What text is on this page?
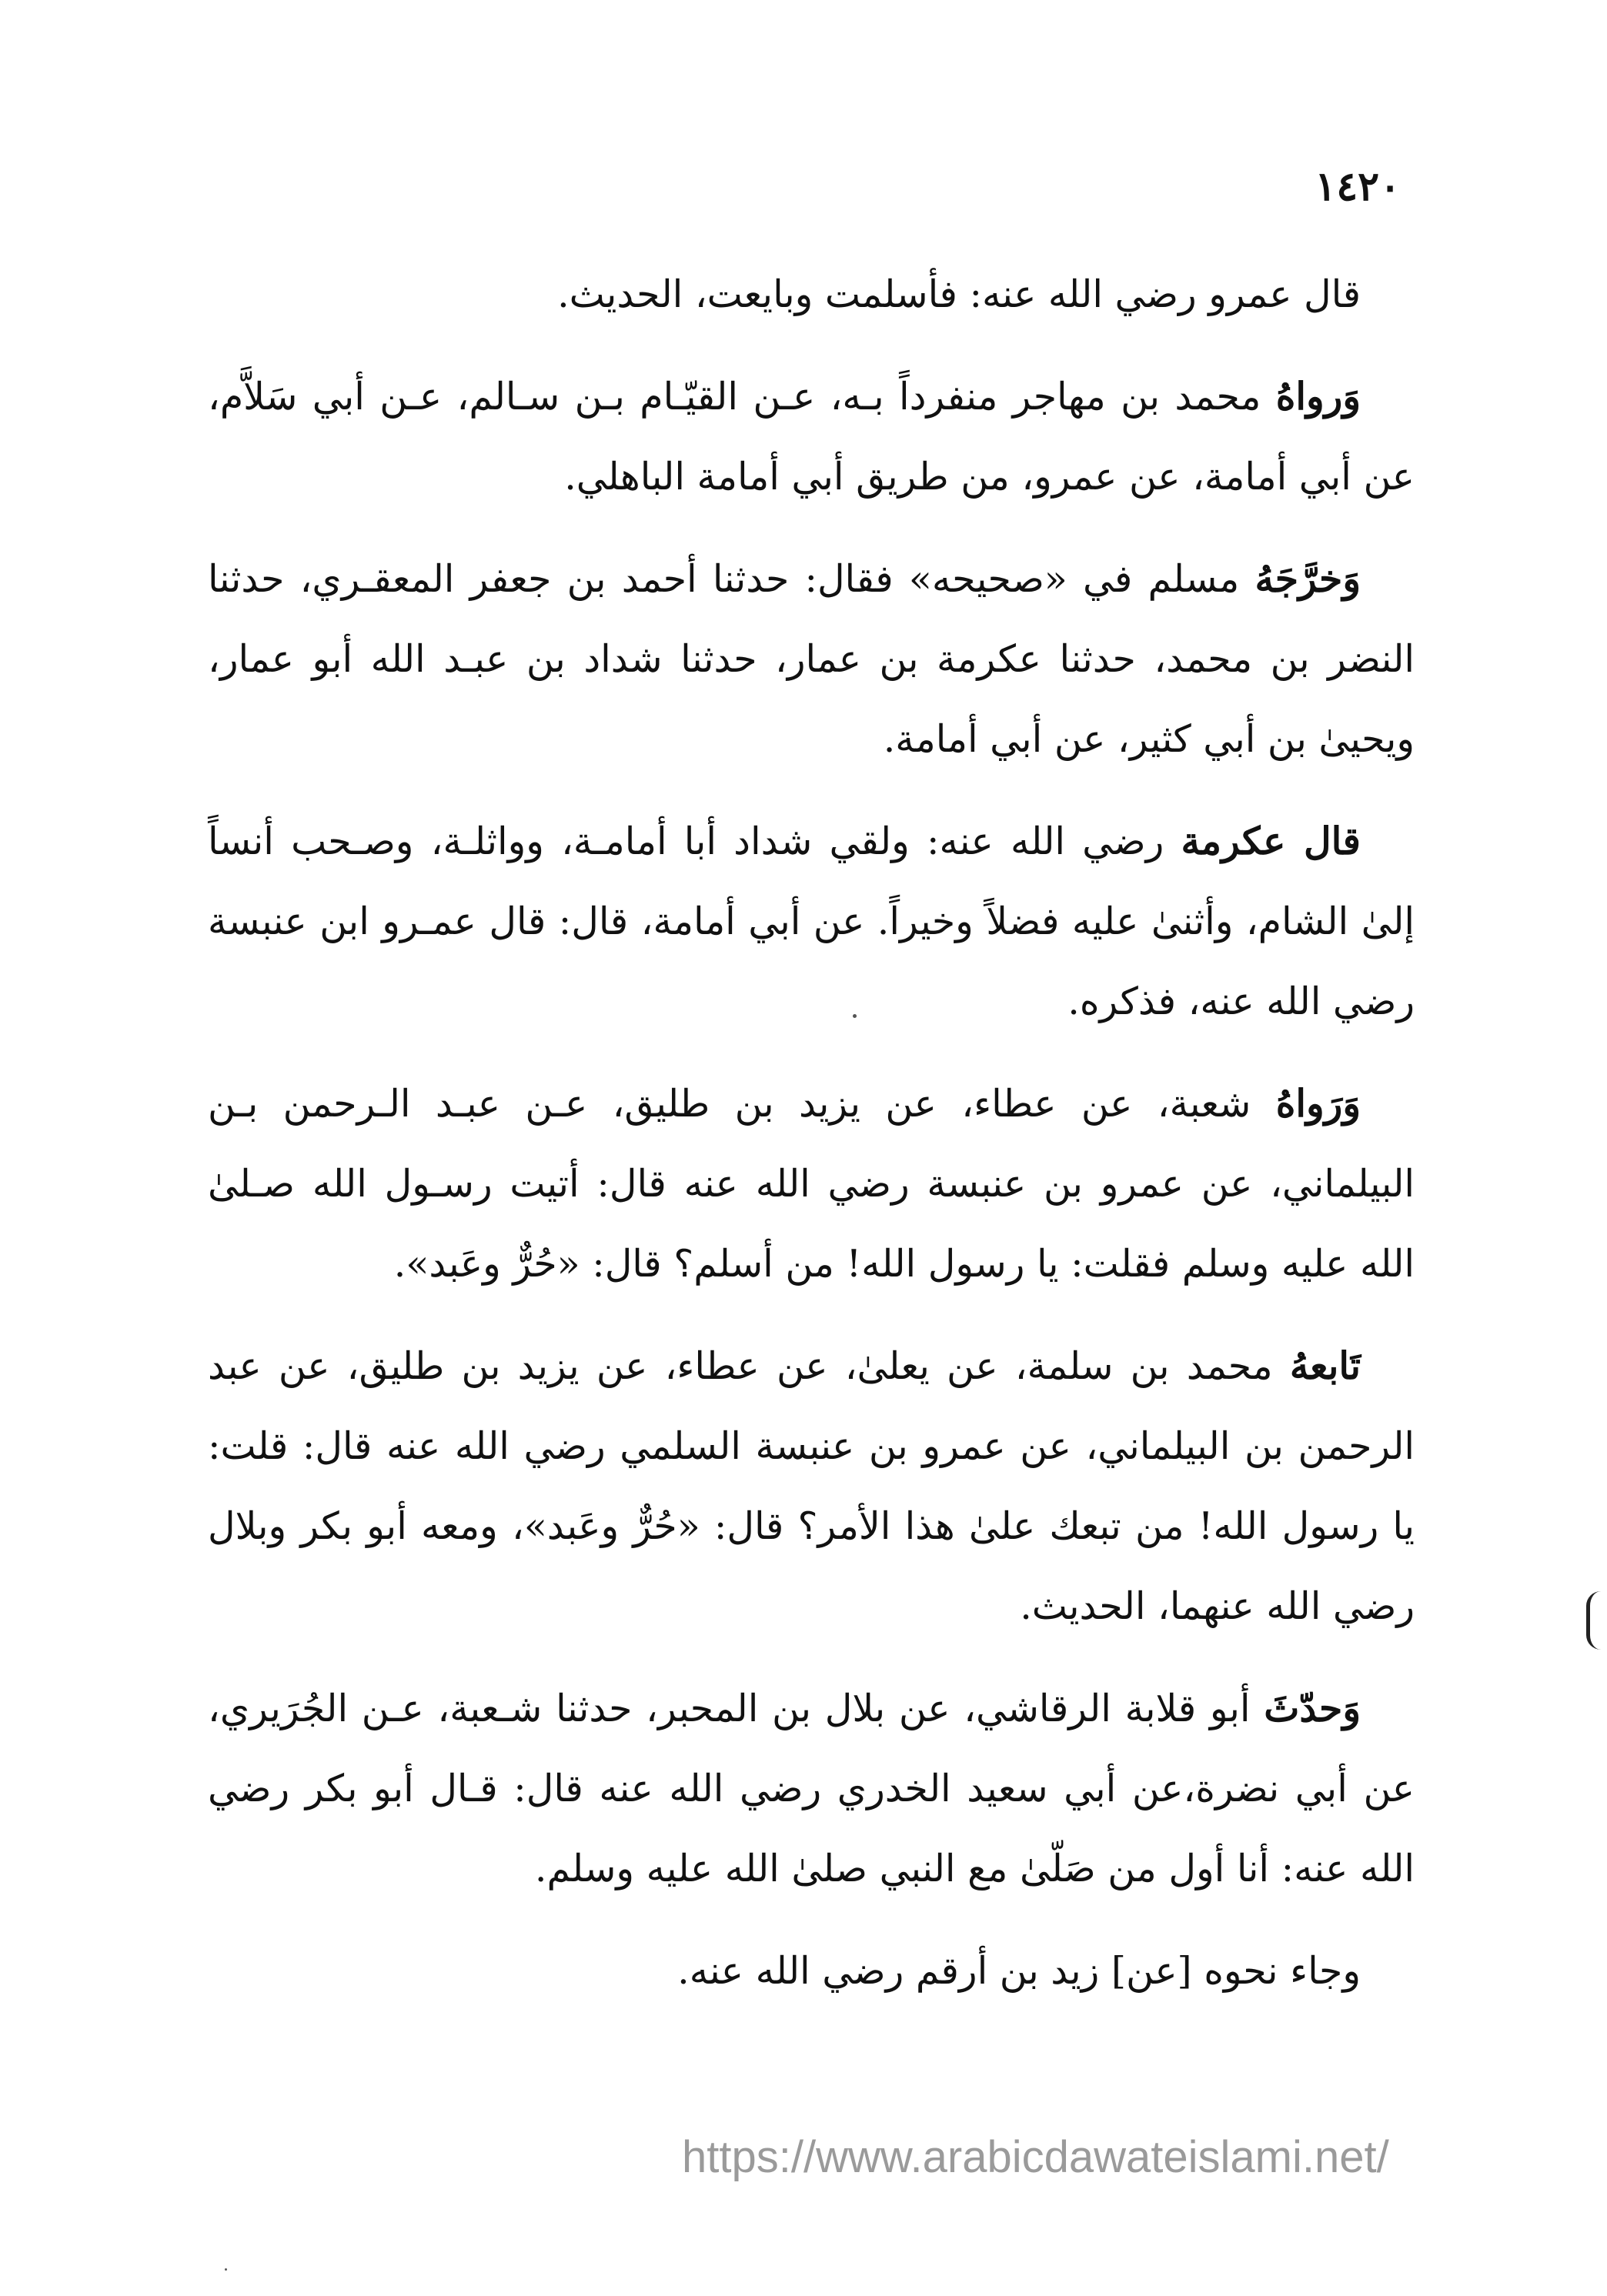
١٤٢٠

قال عمرو رضي الله عنه: فأسلمت وبايعت، الحديث.

وَرواهُ محمد بن مهاجر منفرداً بـه، عـن القيّـام بـن سـالم، عـن أبي سَلاَّم، عن أبي أمامة، عن عمرو، من طريق أبي أمامة الباهلي.

وَخرَّجَهُ مسلم في «صحيحه» فقال: حدثنا أحمد بن جعفر المعقـري، حدثنا النضر بن محمد، حدثنا عكرمة بن عمار، حدثنا شداد بن عبـد الله أبو عمار، ويحيىٰ بن أبي كثير، عن أبي أمامة.

قال عكرمة رضي الله عنه: ولقي شداد أبا أمامـة، وواثلـة، وصـحب أنساً إلىٰ الشام، وأثنىٰ عليه فضلاً وخيراً. عن أبي أمامة، قال: قال عمـرو ابن عنبسة رضي الله عنه، فذكره.

وَرَواهُ شعبة، عن عطاء، عن يزيد بن طليق، عـن عبـد الـرحمن بـن البيلماني، عن عمرو بن عنبسة رضي الله عنه قال: أتيت رسـول الله صـلىٰ الله عليه وسلم فقلت: يا رسول الله! من أسلم؟ قال: «حُرٌّ وعَبد».

تَابعهُ محمد بن سلمة، عن يعلىٰ، عن عطاء، عن يزيد بن طليق، عن عبد الرحمن بن البيلماني، عن عمرو بن عنبسة السلمي رضي الله عنه قال: قلت: يا رسول الله! من تبعك علىٰ هذا الأمر؟ قال: «حُرٌّ وعَبد»، ومعه أبو بكر وبلال رضي الله عنهما، الحديث.

وَحدّثَ أبو قلابة الرقاشي، عن بلال بن المحبر، حدثنا شـعبة، عـن الجُرَيري، عن أبي نضرة،عن أبي سعيد الخدري رضي الله عنه قال: قـال أبو بكر رضي الله عنه: أنا أول من صَلّىٰ مع النبي صلىٰ الله عليه وسلم.

وجاء نحوه [عن] زيد بن أرقم رضي الله عنه.

https://www.arabicdawateislami.net/
